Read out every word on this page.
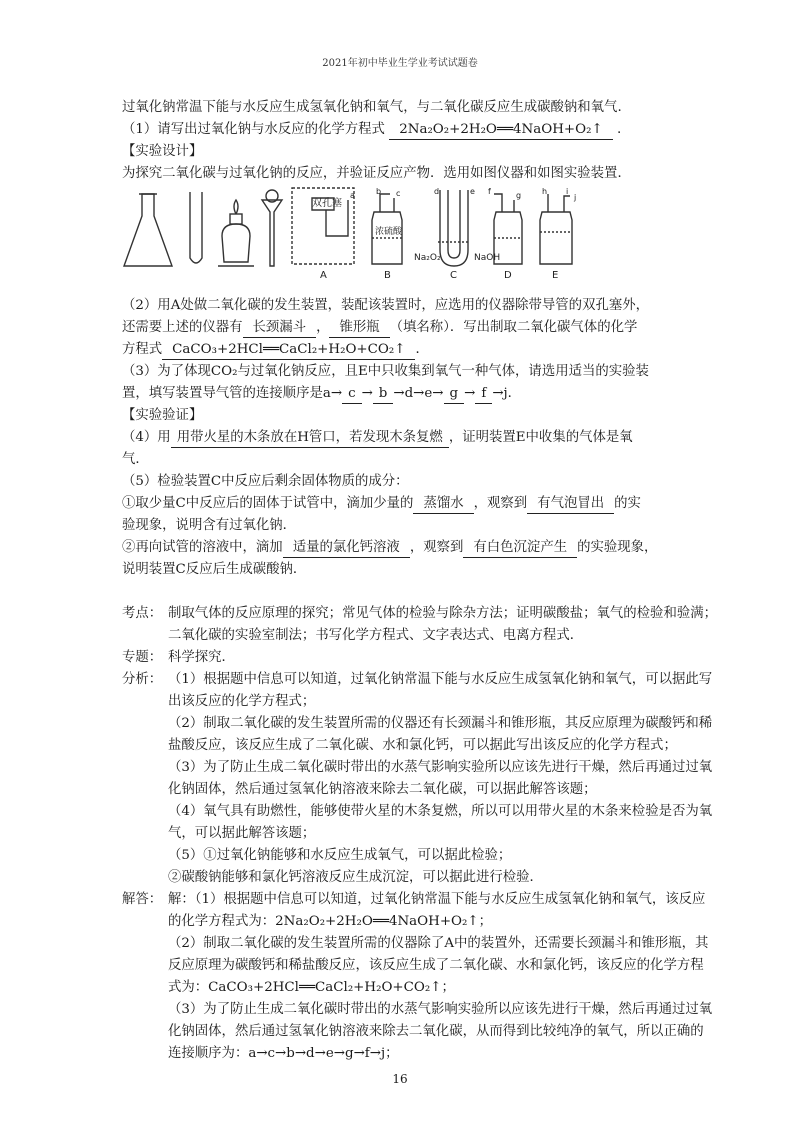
2021年初中毕业生学业考试试题卷
过氧化钠常温下能与水反应生成氢氧化钠和氧气，与二氧化碳反应生成碳酸钠和氧气.
（1）请写出过氧化钠与水反应的化学方程式 2Na₂O₂+2H₂O══4NaOH+O₂↑ .
【实验设计】
为探究二氧化碳与过氧化钠的反应，并验证反应产物．选用如图仪器和如图实验装置．
双孔塞
浓硫酸
Na₂O₂	NaOH
A	B	C	D	E
a	b c	d	e f	g	h i
j
（2）用A处做二氧化碳的发生装置，装配该装置时，应选用的仪器除带导管的双孔塞外，
还需要上述的仪器有 长颈漏斗 ， 锥形瓶 （填名称）．写出制取二氧化碳气体的化学
方程式 CaCO₃+2HCl══CaCl₂+H₂O+CO₂↑ ．
（3）为了体现CO₂与过氧化钠反应，且E中只收集到氧气一种气体，请选用适当的实验装
置，填写装置导气管的连接顺序是a→ c → b →d→e→ g → f →j．
【实验验证】
（4）用 用带火星的木条放在H管口，若发现木条复燃 ，证明装置E中收集的气体是氧
气．
（5）检验装置C中反应后剩余固体物质的成分：
①取少量C中反应后的固体于试管中，滴加少量的 蒸馏水 ，观察到 有气泡冒出 的实
验现象，说明含有过氧化钠．
②再向试管的溶液中，滴加 适量的氯化钙溶液 ，观察到 有白色沉淀产生 的实验现象，
说明装置C反应后生成碳酸钠．
考点： 制取气体的反应原理的探究；常见气体的检验与除杂方法；证明碳酸盐；氧气的检验和验满；
二氧化碳的实验室制法；书写化学方程式、文字表达式、电离方程式．
专题： 科学探究．
分析： （1）根据题中信息可以知道，过氧化钠常温下能与水反应生成氢氧化钠和氧气，可以据此写
出该反应的化学方程式；
（2）制取二氧化碳的发生装置所需的仪器还有长颈漏斗和锥形瓶，其反应原理为碳酸钙和稀
盐酸反应，该反应生成了二氧化碳、水和氯化钙，可以据此写出该反应的化学方程式；
（3）为了防止生成二氧化碳时带出的水蒸气影响实验所以应该先进行干燥，然后再通过过氧
化钠固体，然后通过氢氧化钠溶液来除去二氧化碳，可以据此解答该题；
（4）氧气具有助燃性，能够使带火星的木条复燃，所以可以用带火星的木条来检验是否为氧
气，可以据此解答该题；
（5）①过氧化钠能够和水反应生成氧气，可以据此检验；
②碳酸钠能够和氯化钙溶液反应生成沉淀，可以据此进行检验．
解答： 解：（1）根据题中信息可以知道，过氧化钠常温下能与水反应生成氢氧化钠和氧气，该反应
的化学方程式为：2Na₂O₂+2H₂O══4NaOH+O₂↑；
（2）制取二氧化碳的发生装置所需的仪器除了A中的装置外，还需要长颈漏斗和锥形瓶，其
反应原理为碳酸钙和稀盐酸反应，该反应生成了二氧化碳、水和氯化钙，该反应的化学方程
式为：CaCO₃+2HCl══CaCl₂+H₂O+CO₂↑；
（3）为了防止生成二氧化碳时带出的水蒸气影响实验所以应该先进行干燥，然后再通过过氧
化钠固体，然后通过氢氧化钠溶液来除去二氧化碳，从而得到比较纯净的氧气，所以正确的
连接顺序为：a→c→b→d→e→g→f→j；
16
